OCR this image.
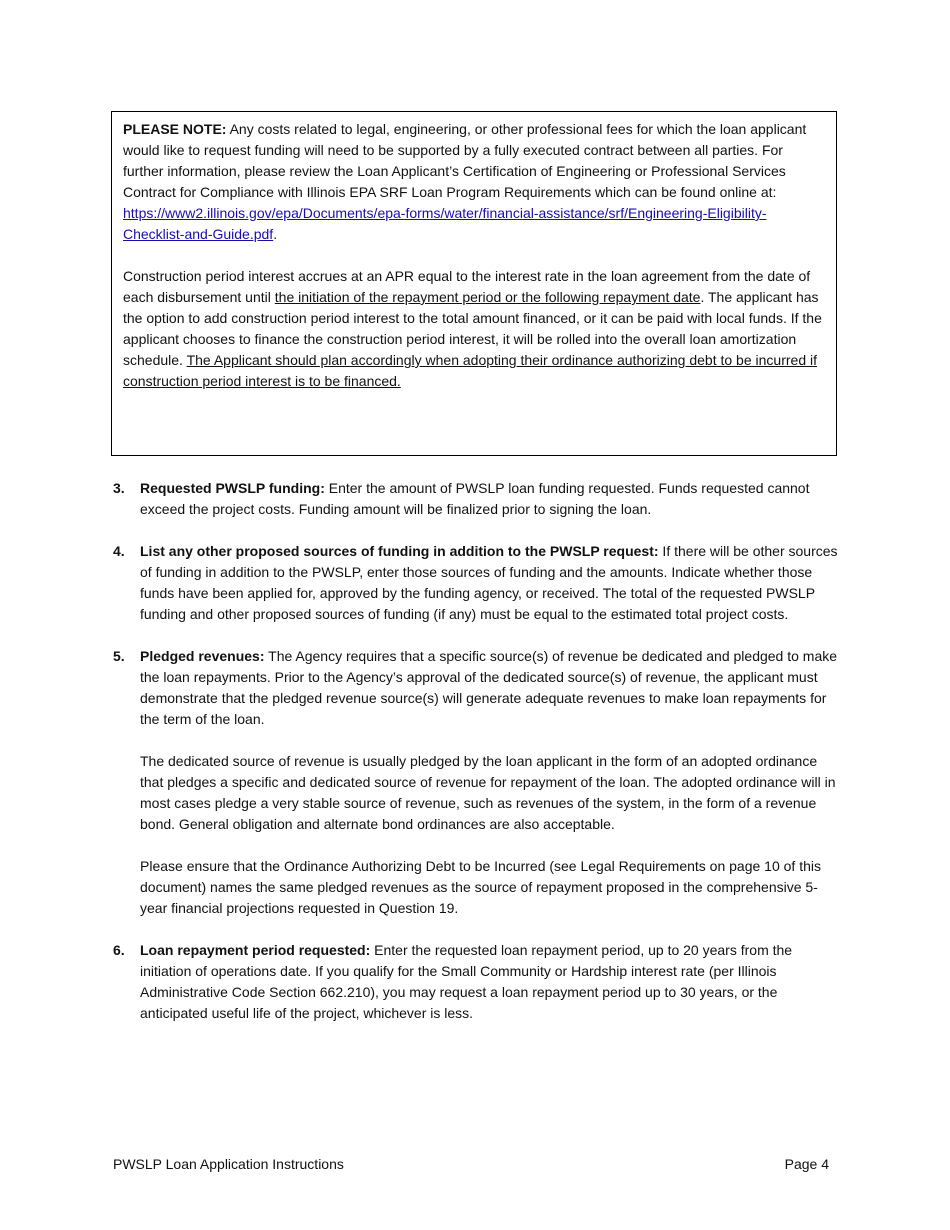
PLEASE NOTE: Any costs related to legal, engineering, or other professional fees for which the loan applicant would like to request funding will need to be supported by a fully executed contract between all parties. For further information, please review the Loan Applicant’s Certification of Engineering or Professional Services Contract for Compliance with Illinois EPA SRF Loan Program Requirements which can be found online at: https://www2.illinois.gov/epa/Documents/epa-forms/water/financial-assistance/srf/Engineering-Eligibility-Checklist-and-Guide.pdf.

Construction period interest accrues at an APR equal to the interest rate in the loan agreement from the date of each disbursement until the initiation of the repayment period or the following repayment date. The applicant has the option to add construction period interest to the total amount financed, or it can be paid with local funds. If the applicant chooses to finance the construction period interest, it will be rolled into the overall loan amortization schedule. The Applicant should plan accordingly when adopting their ordinance authorizing debt to be incurred if construction period interest is to be financed.

3. Requested PWSLP funding: Enter the amount of PWSLP loan funding requested. Funds requested cannot exceed the project costs. Funding amount will be finalized prior to signing the loan.

4. List any other proposed sources of funding in addition to the PWSLP request: If there will be other sources of funding in addition to the PWSLP, enter those sources of funding and the amounts. Indicate whether those funds have been applied for, approved by the funding agency, or received. The total of the requested PWSLP funding and other proposed sources of funding (if any) must be equal to the estimated total project costs.

5. Pledged revenues: The Agency requires that a specific source(s) of revenue be dedicated and pledged to make the loan repayments. Prior to the Agency’s approval of the dedicated source(s) of revenue, the applicant must demonstrate that the pledged revenue source(s) will generate adequate revenues to make loan repayments for the term of the loan.

The dedicated source of revenue is usually pledged by the loan applicant in the form of an adopted ordinance that pledges a specific and dedicated source of revenue for repayment of the loan. The adopted ordinance will in most cases pledge a very stable source of revenue, such as revenues of the system, in the form of a revenue bond. General obligation and alternate bond ordinances are also acceptable.

Please ensure that the Ordinance Authorizing Debt to be Incurred (see Legal Requirements on page 10 of this document) names the same pledged revenues as the source of repayment proposed in the comprehensive 5-year financial projections requested in Question 19.

6. Loan repayment period requested: Enter the requested loan repayment period, up to 20 years from the initiation of operations date. If you qualify for the Small Community or Hardship interest rate (per Illinois Administrative Code Section 662.210), you may request a loan repayment period up to 30 years, or the anticipated useful life of the project, whichever is less.

PWSLP Loan Application Instructions	Page 4
